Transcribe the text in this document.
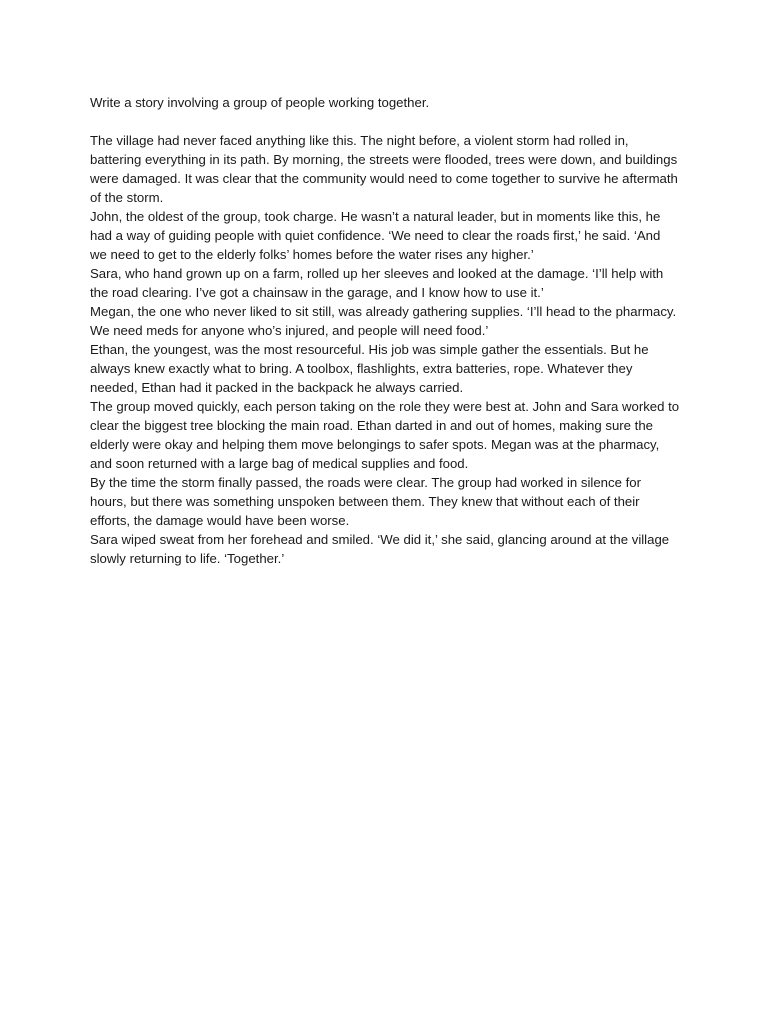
Write a story involving a group of people working together.

The village had never faced anything like this. The night before, a violent storm had rolled in, battering everything in its path. By morning, the streets were flooded, trees were down, and buildings were damaged. It was clear that the community would need to come together to survive he aftermath of the storm.

John, the oldest of the group, took charge. He wasn’t a natural leader, but in moments like this, he had a way of guiding people with quiet confidence. ‘We need to clear the roads first,’ he said. ‘And we need to get to the elderly folks’ homes before the water rises any higher.’

Sara, who hand grown up on a farm, rolled up her sleeves and looked at the damage. ‘I’ll help with the road clearing. I’ve got a chainsaw in the garage, and I know how to use it.’

Megan, the one who never liked to sit still, was already gathering supplies. ‘I’ll head to the pharmacy. We need meds for anyone who’s injured, and people will need food.’

Ethan, the youngest, was the most resourceful. His job was simple gather the essentials. But he always knew exactly what to bring. A toolbox, flashlights, extra batteries, rope. Whatever they needed, Ethan had it packed in the backpack he always carried.

The group moved quickly, each person taking on the role they were best at. John and Sara worked to clear the biggest tree blocking the main road. Ethan darted in and out of homes, making sure the elderly were okay and helping them move belongings to safer spots. Megan was at the pharmacy, and soon returned with a large bag of medical supplies and food.

By the time the storm finally passed, the roads were clear. The group had worked in silence for hours, but there was something unspoken between them. They knew that without each of their efforts, the damage would have been worse.

Sara wiped sweat from her forehead and smiled. ‘We did it,’ she said, glancing around at the village slowly returning to life. ‘Together.’
